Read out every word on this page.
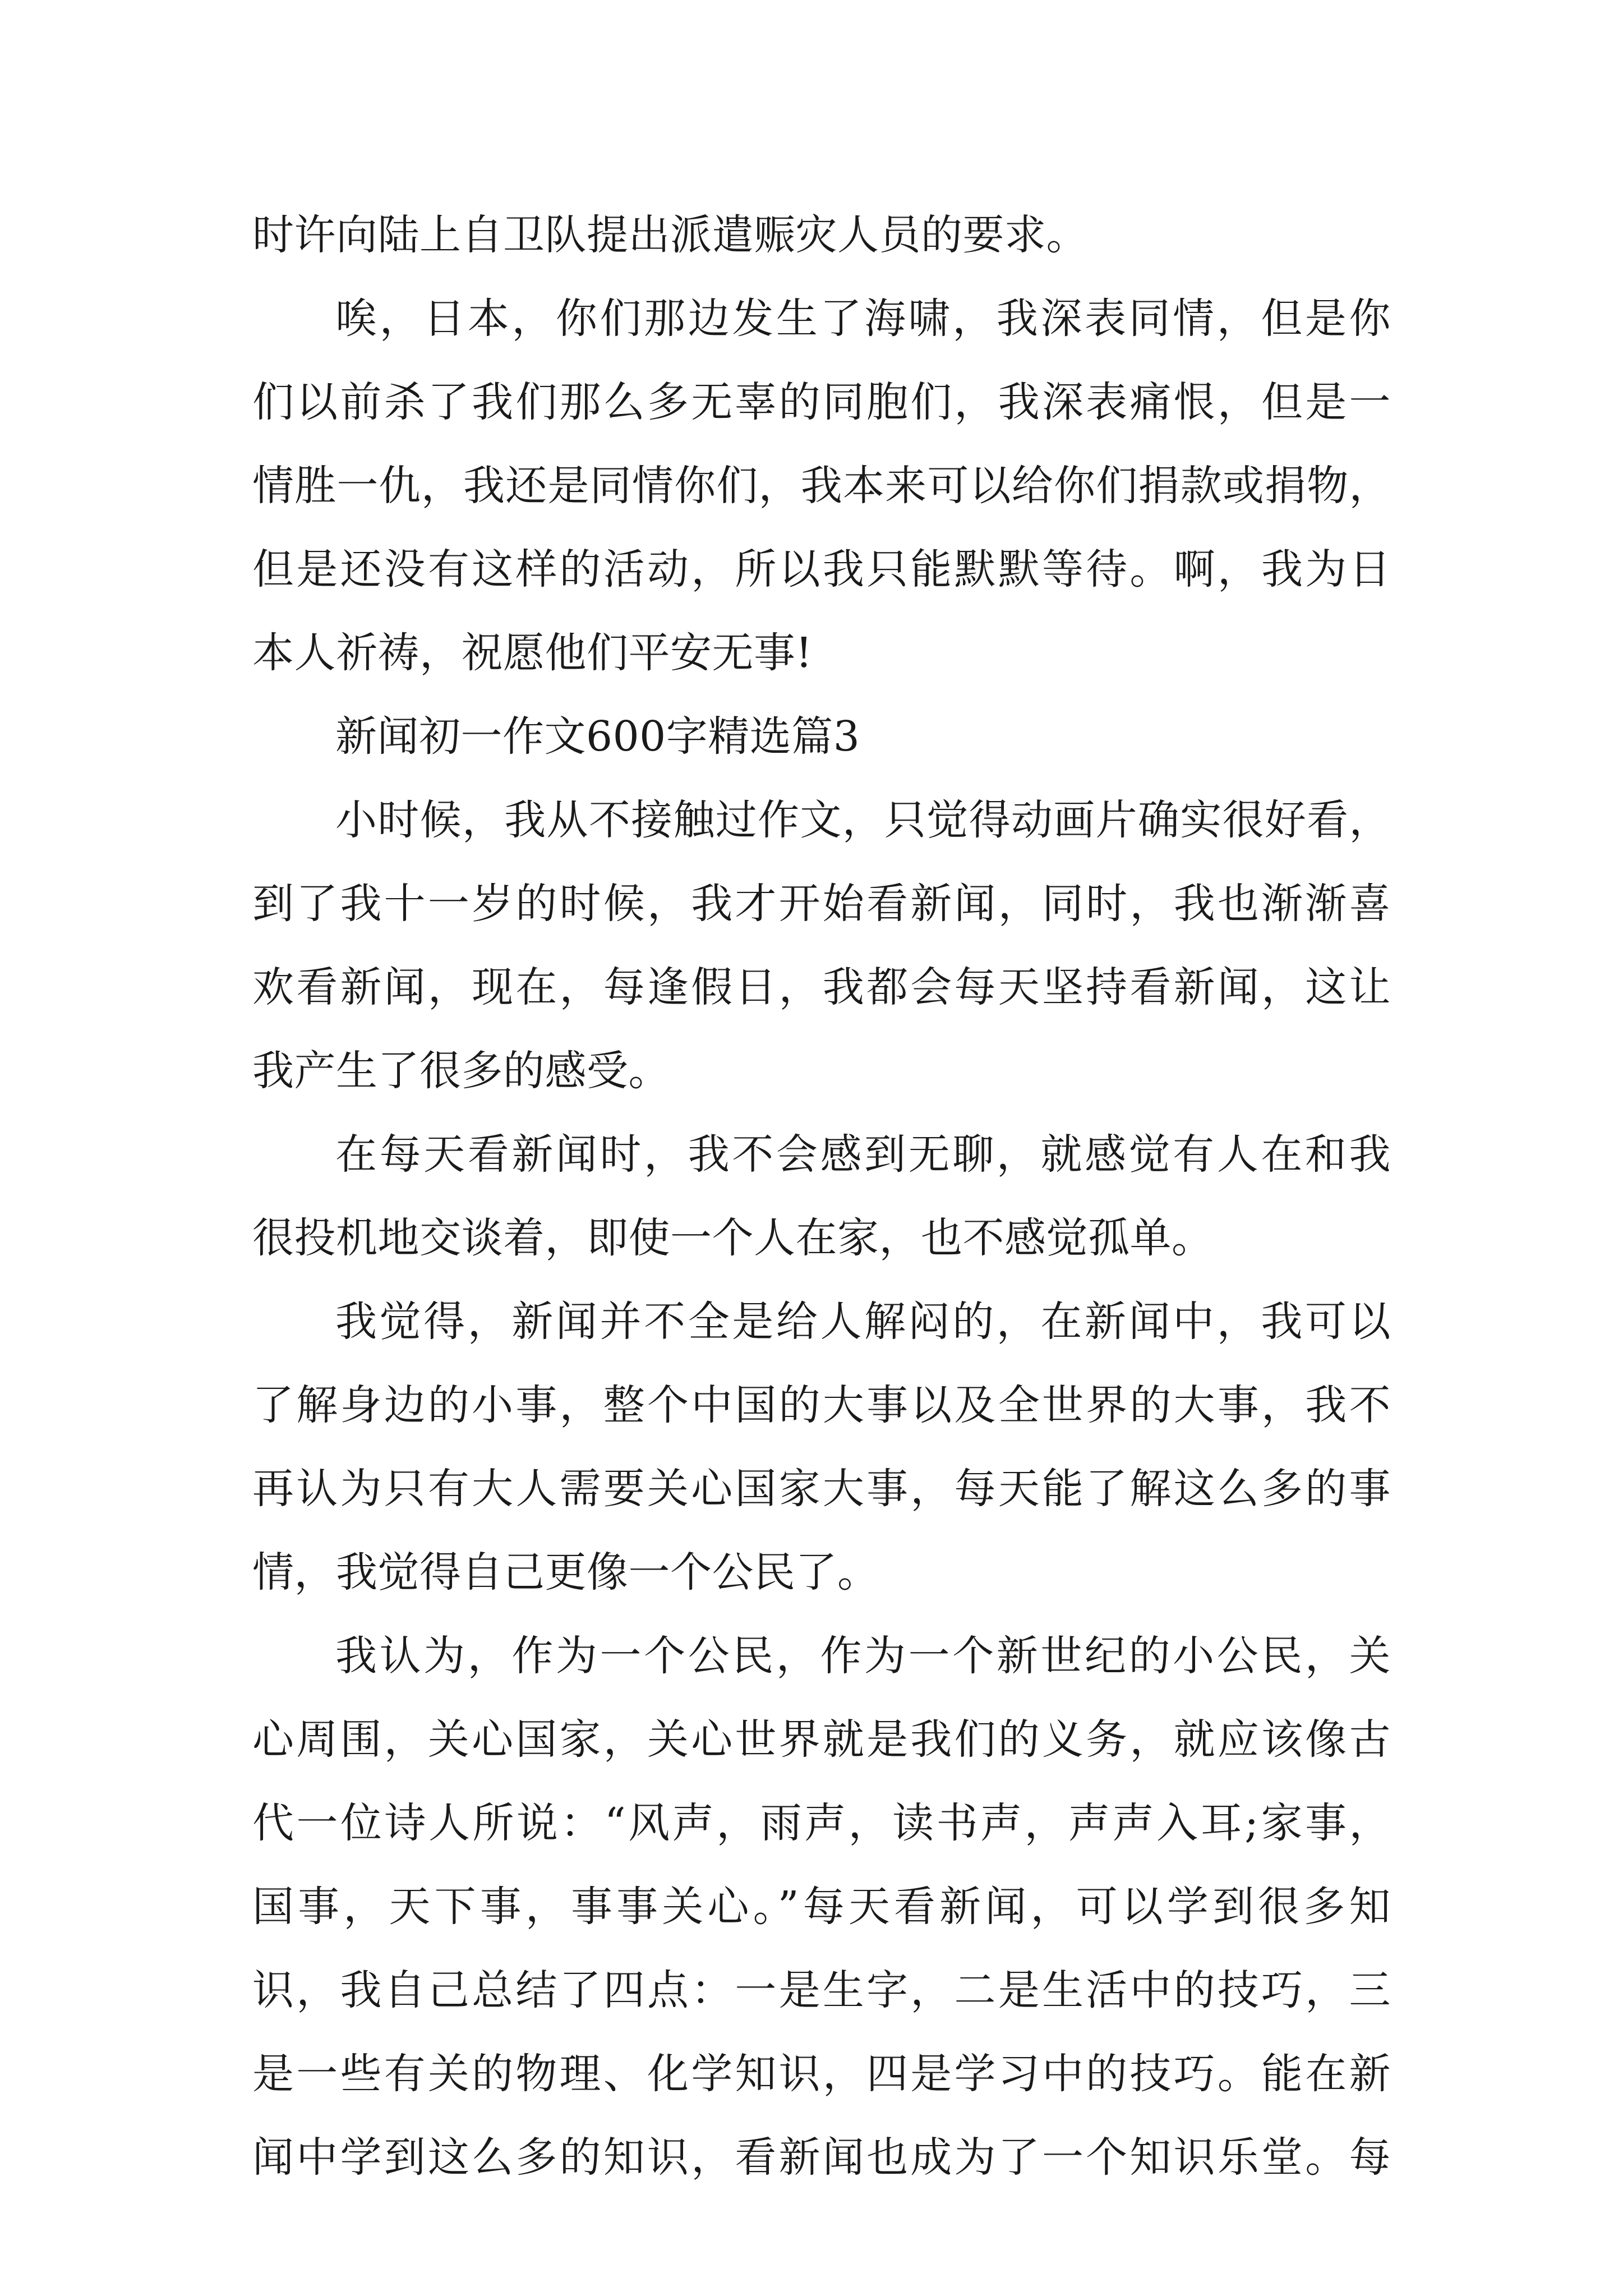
时许向陆上自卫队提出派遣赈灾人员的要求。
唉，日本，你们那边发生了海啸，我深表同情，但是你
们以前杀了我们那么多无辜的同胞们，我深表痛恨，但是一
情胜一仇，我还是同情你们，我本来可以给你们捐款或捐物，
但是还没有这样的活动，所以我只能默默等待。啊，我为日
本人祈祷，祝愿他们平安无事!
新闻初一作文600字精选篇3
小时候，我从不接触过作文，只觉得动画片确实很好看，
到了我十一岁的时候，我才开始看新闻，同时，我也渐渐喜
欢看新闻，现在，每逢假日，我都会每天坚持看新闻，这让
我产生了很多的感受。
在每天看新闻时，我不会感到无聊，就感觉有人在和我
很投机地交谈着，即使一个人在家，也不感觉孤单。
我觉得，新闻并不全是给人解闷的，在新闻中，我可以
了解身边的小事，整个中国的大事以及全世界的大事，我不
再认为只有大人需要关心国家大事，每天能了解这么多的事
情，我觉得自己更像一个公民了。
我认为，作为一个公民，作为一个新世纪的小公民，关
心周围，关心国家，关心世界就是我们的义务，就应该像古
代一位诗人所说：“风声，雨声，读书声，声声入耳;家事，
国事，天下事，事事关心。”每天看新闻，可以学到很多知
识，我自己总结了四点：一是生字，二是生活中的技巧，三
是一些有关的物理、化学知识，四是学习中的技巧。能在新
闻中学到这么多的知识，看新闻也成为了一个知识乐堂。每
